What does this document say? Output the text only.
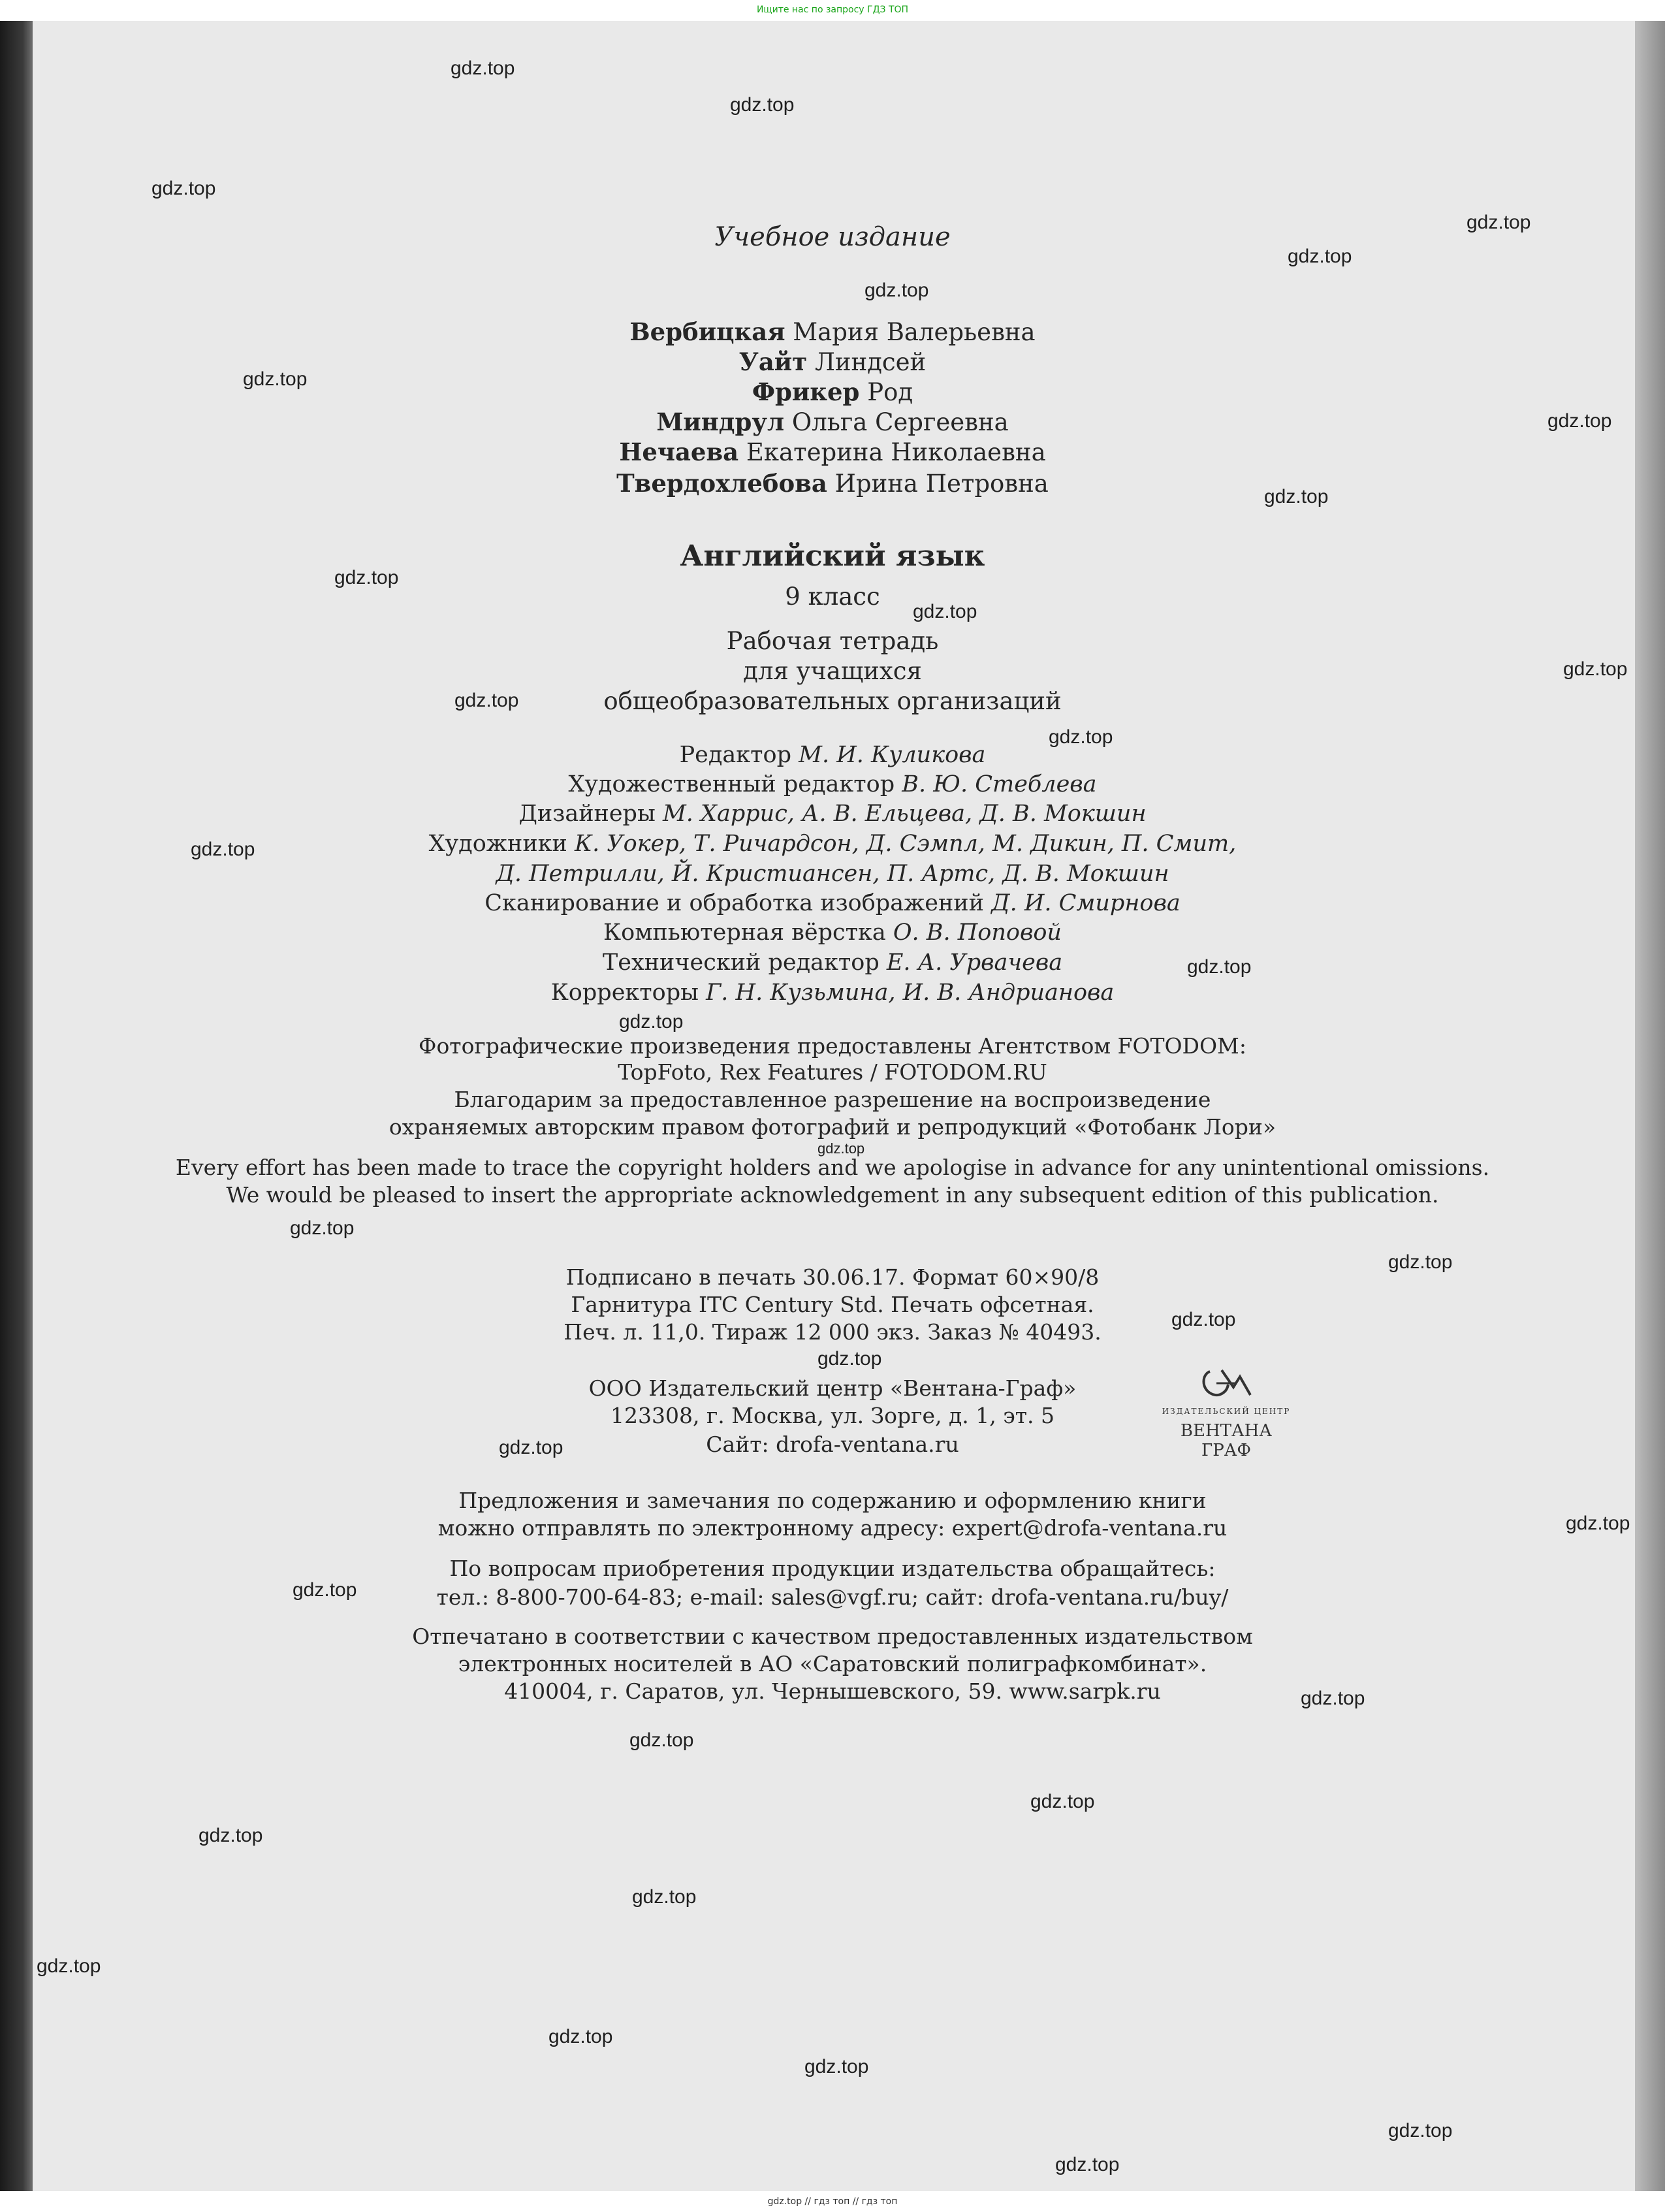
Ищите нас по запросу ГДЗ ТОП
Учебное издание
Вербицкая Мария Валерьевна
Уайт Линдсей
Фрикер Род
Миндрул Ольга Сергеевна
Нечаева Екатерина Николаевна
Твердохлебова Ирина Петровна
Английский язык
9 класс
Рабочая тетрадь
для учащихся
общеобразовательных организаций
Редактор М. И. Куликова
Художественный редактор В. Ю. Стеблева
Дизайнеры М. Харрис, А. В. Ельцева, Д. В. Мокшин
Художники К. Уокер, Т. Ричардсон, Д. Сэмпл, М. Дикин, П. Смит,
Д. Петрилли, Й. Кристиансен, П. Артс, Д. В. Мокшин
Сканирование и обработка изображений Д. И. Смирнова
Компьютерная вёрстка О. В. Поповой
Технический редактор Е. А. Урвачева
Корректоры Г. Н. Кузьмина, И. В. Андрианова
Фотографические произведения предоставлены Агентством FOTODOM:
TopFoto, Rex Features / FOTODOM.RU
Благодарим за предоставленное разрешение на воспроизведение
охраняемых авторским правом фотографий и репродукций «Фотобанк Лори»
Every effort has been made to trace the copyright holders and we apologise in advance for any unintentional omissions.
We would be pleased to insert the appropriate acknowledgement in any subsequent edition of this publication.
Подписано в печать 30.06.17. Формат 60×90/8
Гарнитура ITC Century Std. Печать офсетная.
Печ. л. 11,0. Тираж 12 000 экз. Заказ № 40493.
ООО Издательский центр «Вентана-Граф»
123308, г. Москва, ул. Зорге, д. 1, эт. 5
Сайт: drofa-ventana.ru
ИЗДАТЕЛЬСКИЙ ЦЕНТР
ВЕНТАНА
ГРАФ
Предложения и замечания по содержанию и оформлению книги
можно отправлять по электронному адресу: expert@drofa-ventana.ru
По вопросам приобретения продукции издательства обращайтесь:
тел.: 8-800-700-64-83; e-mail: sales@vgf.ru; сайт: drofa-ventana.ru/buy/
Отпечатано в соответствии с качеством предоставленных издательством
электронных носителей в АО «Саратовский полиграфкомбинат».
410004, г. Саратов, ул. Чернышевского, 59. www.sarpk.ru
gdz.top
gdz.top
gdz.top
gdz.top
gdz.top
gdz.top
gdz.top
gdz.top
gdz.top
gdz.top
gdz.top
gdz.top
gdz.top
gdz.top
gdz.top
gdz.top
gdz.top
gdz.top
gdz.top
gdz.top
gdz.top
gdz.top
gdz.top
gdz.top
gdz.top
gdz.top
gdz.top
gdz.top
gdz.top
gdz.top
gdz.top
gdz.top
gdz.top
gdz.top
gdz.top
gdz.top // гдз топ // гдз топ
